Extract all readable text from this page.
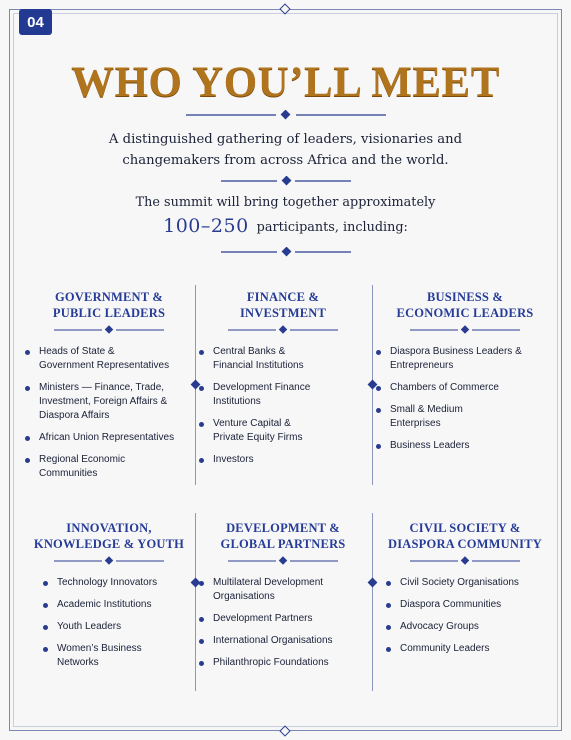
04
WHO YOU’LL MEET
A distinguished gathering of leaders, visionaries and
changemakers from across Africa and the world.
The summit will bring together approximately
100–250 participants, including:
GOVERNMENT &
PUBLIC LEADERS
Heads of State &
Government Representatives
Ministers — Finance, Trade,
Investment, Foreign Affairs &
Diaspora Affairs
African Union Representatives
Regional Economic
Communities
FINANCE &
INVESTMENT
Central Banks &
Financial Institutions
Development Finance
Institutions
Venture Capital &
Private Equity Firms
Investors
BUSINESS &
ECONOMIC LEADERS
Diaspora Business Leaders &
Entrepreneurs
Chambers of Commerce
Small & Medium
Enterprises
Business Leaders
INNOVATION,
KNOWLEDGE & YOUTH
Technology Innovators
Academic Institutions
Youth Leaders
Women’s Business
Networks
DEVELOPMENT &
GLOBAL PARTNERS
Multilateral Development
Organisations
Development Partners
International Organisations
Philanthropic Foundations
CIVIL SOCIETY &
DIASPORA COMMUNITY
Civil Society Organisations
Diaspora Communities
Advocacy Groups
Community Leaders
